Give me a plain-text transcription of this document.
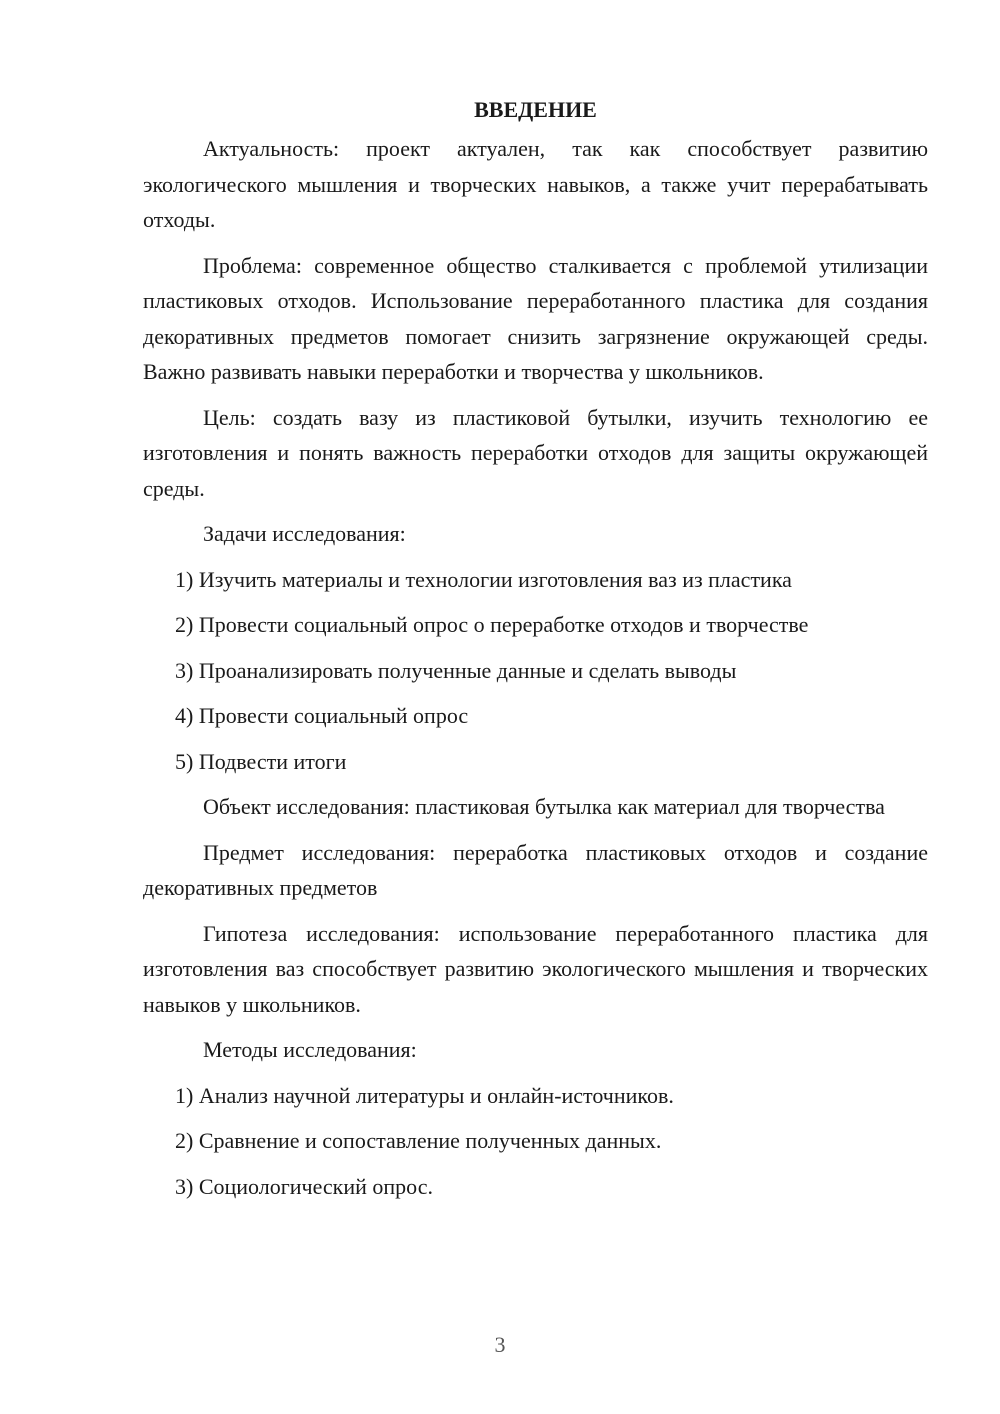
ВВЕДЕНИЕ

Актуальность: проект актуален, так как способствует развитию экологического мышления и творческих навыков, а также учит перерабатывать отходы.

Проблема: современное общество сталкивается с проблемой утилизации пластиковых отходов. Использование переработанного пластика для создания декоративных предметов помогает снизить загрязнение окружающей среды. Важно развивать навыки переработки и творчества у школьников.

Цель: создать вазу из пластиковой бутылки, изучить технологию ее изготовления и понять важность переработки отходов для защиты окружающей среды.

Задачи исследования:

1) Изучить материалы и технологии изготовления ваз из пластика
2) Провести социальный опрос о переработке отходов и творчестве
3) Проанализировать полученные данные и сделать выводы
4) Провести социальный опрос
5) Подвести итоги

Объект исследования: пластиковая бутылка как материал для творчества

Предмет исследования: переработка пластиковых отходов и создание декоративных предметов

Гипотеза исследования: использование переработанного пластика для изготовления ваз способствует развитию экологического мышления и творческих навыков у школьников.

Методы исследования:

1) Анализ научной литературы и онлайн-источников.
2) Сравнение и сопоставление полученных данных.
3) Социологический опрос.
3
